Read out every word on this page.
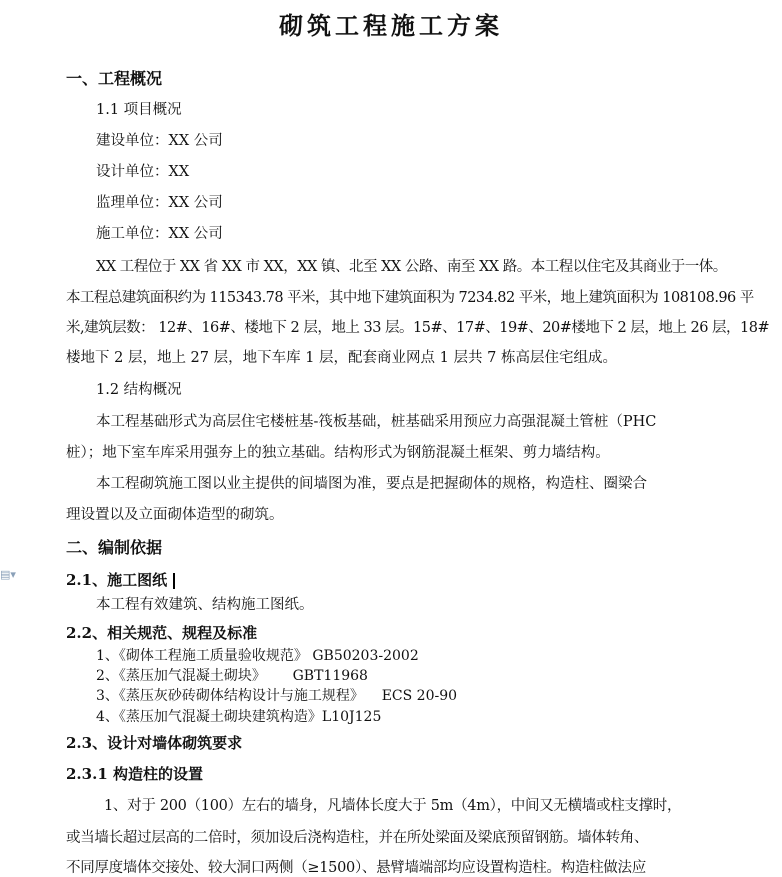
▤▾
砌筑工程施工方案
一、工程概况
1.1 项目概况
建设单位：XX 公司
设计单位：XX
监理单位：XX 公司
施工单位：XX 公司
XX 工程位于 XX 省 XX 市 XX，XX 镇、北至 XX 公路、南至 XX 路。本工程以住宅及其商业于一体。
本工程总建筑面积约为 115343.78 平米，其中地下建筑面积为 7234.82 平米，地上建筑面积为 108108.96 平
米,建筑层数： 12#、16#、楼地下 2 层，地上 33 层。15#、17#、19#、20#楼地下 2 层，地上 26 层，18#
楼地下 2 层，地上 27 层，地下车库 1 层，配套商业网点 1 层共 7 栋高层住宅组成。
1.2 结构概况
本工程基础形式为高层住宅楼桩基-筏板基础，桩基础采用预应力高强混凝土管桩（PHC
桩）；地下室车库采用强夯上的独立基础。结构形式为钢筋混凝土框架、剪力墙结构。
本工程砌筑施工图以业主提供的间墙图为准，要点是把握砌体的规格，构造柱、圈梁合
理设置以及立面砌体造型的砌筑。
二、编制依据
2.1、施工图纸
本工程有效建筑、结构施工图纸。
2.2、相关规范、规程及标准
1、《砌体工程施工质量验收规范》 GB50203-2002
2、《蒸压加气混凝土砌块》      GBT11968
3、《蒸压灰砂砖砌体结构设计与施工规程》    ECS 20-90
4、《蒸压加气混凝土砌块建筑构造》L10J125
2.3、设计对墙体砌筑要求
2.3.1 构造柱的设置
1、对于 200（100）左右的墙身，凡墙体长度大于 5m（4m），中间又无横墙或柱支撑时，
或当墙长超过层高的二倍时，须加设后浇构造柱，并在所处梁面及梁底预留钢筋。墙体转角、
不同厚度墙体交接处、较大洞口两侧（≥1500）、悬臂墙端部均应设置构造柱。构造柱做法应
